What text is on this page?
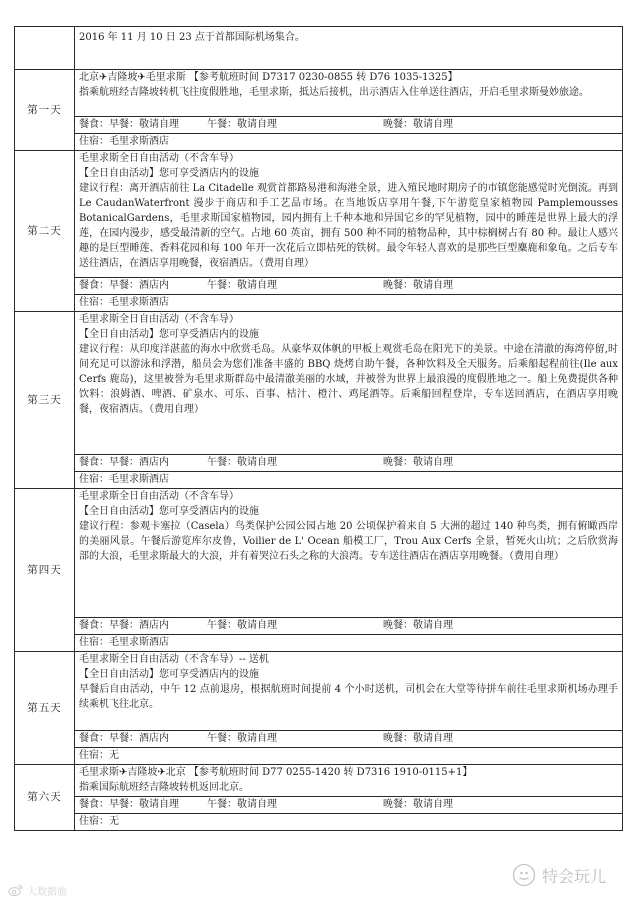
	2016 年 11 月 10 日 23 点于首都国际机场集合。
第一天	北京✈吉隆坡✈毛里求斯 【参考航班时间 D7317 0230-0855 转 D76 1035-1325】
指乘航班经吉隆坡转机飞往度假胜地，毛里求斯，抵达后接机，出示酒店入住单送往酒店，开启毛里求斯曼妙旅途。

	餐食：早餐：敬请自理 午餐：敬请自理 晚餐：敬请自理

	住宿：毛里求斯酒店
第二天	毛里求斯全日自由活动（不含车导）
【全日自由活动】您可享受酒店内的设施
建议行程：离开酒店前往 La Citadelle 观赏首都路易港和海港全景，进入殖民地时期房子的市镇您能感觉时光倒流。再到 Le CaudanWaterfront 漫步于商店和手工艺品市场。在当地饭店享用午餐,下午游览皇家植物园 Pamplemousses BotanicalGardens，毛里求斯国家植物园，园内拥有上千种本地和异国它乡的罕见植物，园中的睡莲是世界上最大的浮莲，在园内漫步，感受最清新的空气。占地 60 英亩，拥有 500 种不同的植物品种，其中棕榈树占有 80 种。最让人感兴趣的是巨型睡莲、香料花园和每 100 年开一次花后立即枯死的铁树。最令年轻人喜欢的是那些巨型麋鹿和象龟。之后专车送往酒店，在酒店享用晚餐，夜宿酒店。（费用自理）

	餐食：早餐：酒店内 午餐：敬请自理 晚餐：敬请自理

	住宿：毛里求斯酒店
第三天	毛里求斯全日自由活动（不含车导）
【全日自由活动】您可享受酒店内的设施
建议行程：从印度洋湛蓝的海水中欣赏毛岛。从豪华双体帆的甲板上观赏毛岛在阳光下的美景。中途在清澈的海湾停留,时间充足可以游泳和浮潜，船员会为您们准备丰盛的 BBQ 烧烤自助午餐，各种饮料及全天服务。后乘船起程前往(Ile aux Cerfs 鹿岛)，这里被誉为毛里求斯群岛中最清澈美丽的水域，并被誉为世界上最浪漫的度假胜地之一。船上免费提供各种饮料：浪姆酒、啤酒、矿泉水、可乐、百事、桔汁、橙汁、鸡尾酒等。后乘船回程登岸，专车送回酒店，在酒店享用晚餐，夜宿酒店。（费用自理）

	餐食：早餐：酒店内 午餐：敬请自理 晚餐：敬请自理

	住宿：毛里求斯酒店
第四天	毛里求斯全日自由活动（不含车导）
【全日自由活动】您可享受酒店内的设施
建议行程：参观卡塞拉（Casela）鸟类保护公园公园占地 20 公顷保护着来自 5 大洲的超过 140 种鸟类，拥有俯瞰西岸的美丽风景。午餐后游览库尔皮鲁，Voilier de L' Ocean 船模工厂，Trou Aux Cerfs 全景，暂死火山坑；之后欣赏海部的大浪，毛里求斯最大的大浪，并有着哭泣石头之称的大浪湾。专车送往酒店在酒店享用晚餐。（费用自理）

	餐食：早餐：酒店内 午餐：敬请自理 晚餐：敬请自理

	住宿：毛里求斯酒店
第五天	毛里求斯全日自由活动（不含车导）-- 送机
【全日自由活动】您可享受酒店内的设施
早餐后自由活动，中午 12 点前退房，根据航班时间提前 4 个小时送机，司机会在大堂等待拼车前往毛里求斯机场办理手续乘机飞往北京。

	餐食：早餐：酒店内 午餐：敬请自理 晚餐：敬请自理

	住宿：无
第六天	毛里求斯✈吉隆坡✈北京 【参考航班时间 D77 0255-1420 转 D7316 1910-0115+1】
指乘国际航班经吉隆坡转机返回北京。

	餐食：早餐：敬请自理 午餐：敬请自理 晚餐：敬请自理

	住宿：无
大数据旅
特会玩儿
